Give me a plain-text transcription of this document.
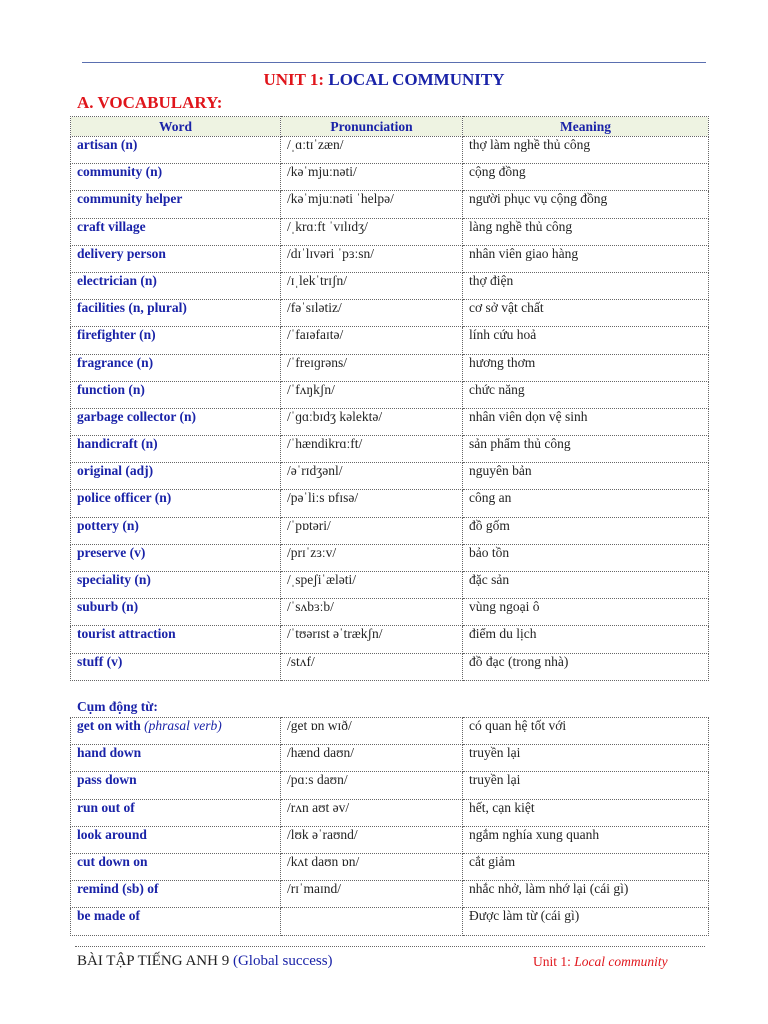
UNIT 1: LOCAL COMMUNITY
A. VOCABULARY:
Word	Pronunciation	Meaning
artisan (n)	/ˌɑːtɪˈzæn/	thợ làm nghề thủ công
community (n)	/kəˈmjuːnəti/	cộng đồng
community helper	/kəˈmjuːnəti ˈhelpə/	người phục vụ cộng đồng
craft village	/ˌkrɑːft ˈvɪlɪdʒ/	làng nghề thủ công
delivery person	/dɪˈlɪvəri ˈpɜːsn/	nhân viên giao hàng
electrician (n)	/ɪˌlekˈtrɪʃn/	thợ điện
facilities (n, plural)	/fəˈsɪlətiz/	cơ sở vật chất
firefighter (n)	/ˈfaɪəfaɪtə/	lính cứu hoả
fragrance (n)	/ˈfreɪɡrəns/	hương thơm
function (n)	/ˈfʌŋkʃn/	chức năng
garbage collector (n)	/ˈɡɑːbɪdʒ kəlektə/	nhân viên dọn vệ sinh
handicraft (n)	/ˈhændikrɑːft/	sản phẩm thủ công
original (adj)	/əˈrɪdʒənl/	nguyên bản
police officer (n)	/pəˈliːs ɒfɪsə/	công an
pottery (n)	/ˈpɒtəri/	đồ gốm
preserve (v)	/prɪˈzɜːv/	bảo tồn
speciality (n)	/ˌspeʃiˈæləti/	đặc sản
suburb (n)	/ˈsʌbɜːb/	vùng ngoại ô
tourist attraction	/ˈtʊərɪst əˈtrækʃn/	điểm du lịch
stuff (v)	/stʌf/	đồ đạc (trong nhà)
Cụm động từ:
get on with (phrasal verb)	/get ɒn wɪð/	có quan hệ tốt với
hand down	/hænd daʊn/	truyền lại
pass down	/pɑːs daʊn/	truyền lại
run out of	/rʌn aʊt əv/	hết, cạn kiệt
look around	/lʊk əˈraʊnd/	ngắm nghía xung quanh
cut down on	/kʌt daʊn ɒn/	cắt giảm
remind (sb) of	/rɪˈmaɪnd/	nhắc nhở, làm nhớ lại (cái gì)
be made of		Được làm từ (cái gì)
BÀI TẬP TIẾNG ANH 9 (Global success)	Unit 1: Local community
